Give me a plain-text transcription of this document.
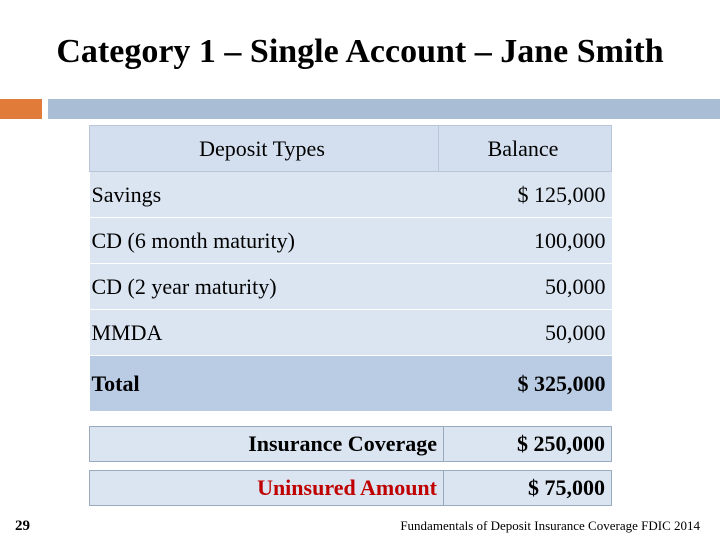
Category 1 – Single Account – Jane Smith
Deposit Types	Balance
Savings	$ 125,000
CD (6 month maturity)	100,000
CD (2 year maturity)	50,000
MMDA	50,000
Total	$ 325,000
Insurance Coverage	$ 250,000
Uninsured Amount	$ 75,000
29	Fundamentals of Deposit Insurance Coverage FDIC 2014
